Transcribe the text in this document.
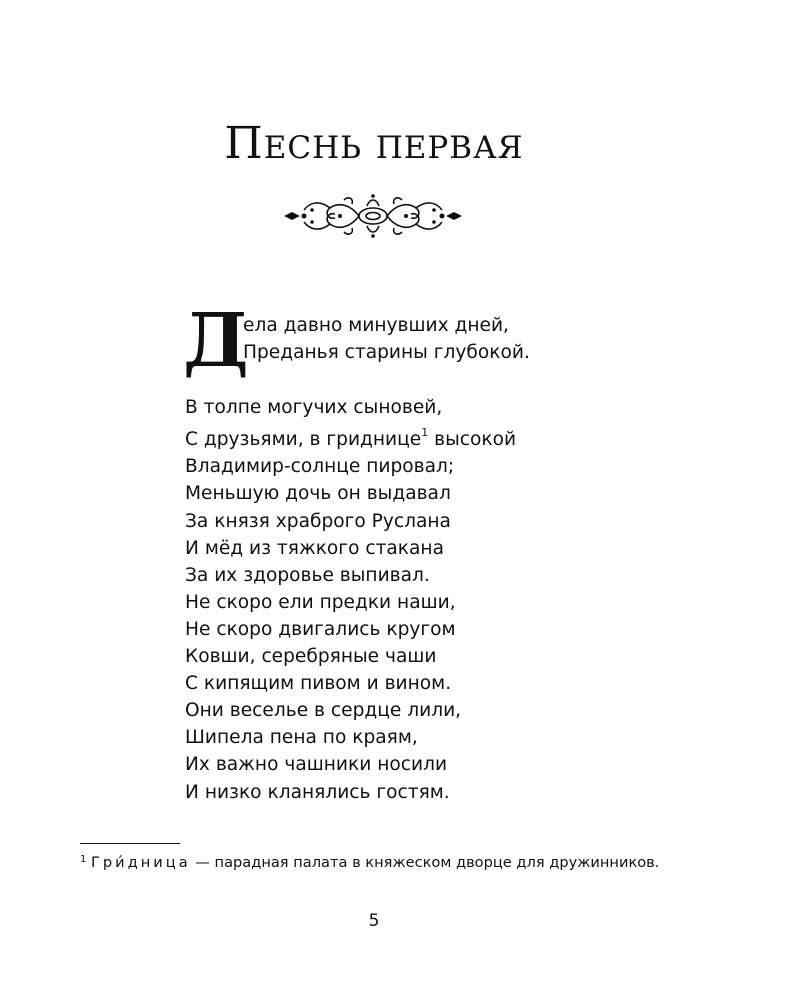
ПЕСНЬ ПЕРВАЯ
Д
ела давно минувших дней,
Преданья старины глубокой.
В толпе могучих сыновей,
С друзьями, в гриднице$^1$ высокой
Владимир-солнце пировал;
Меньшую дочь он выдавал
За князя храброго Руслана
И мёд из тяжкого стакана
За их здоровье выпивал.
Не скоро ели предки наши,
Не скоро двигались кругом
Ковши, серебряные чаши
С кипящим пивом и вином.
Они веселье в сердце лили,
Шипела пена по краям,
Их важно чашники носили
И низко кланялись гостям.
$^1$ Гри́дница — парадная палата в княжеском дворце для дружинников.
5
